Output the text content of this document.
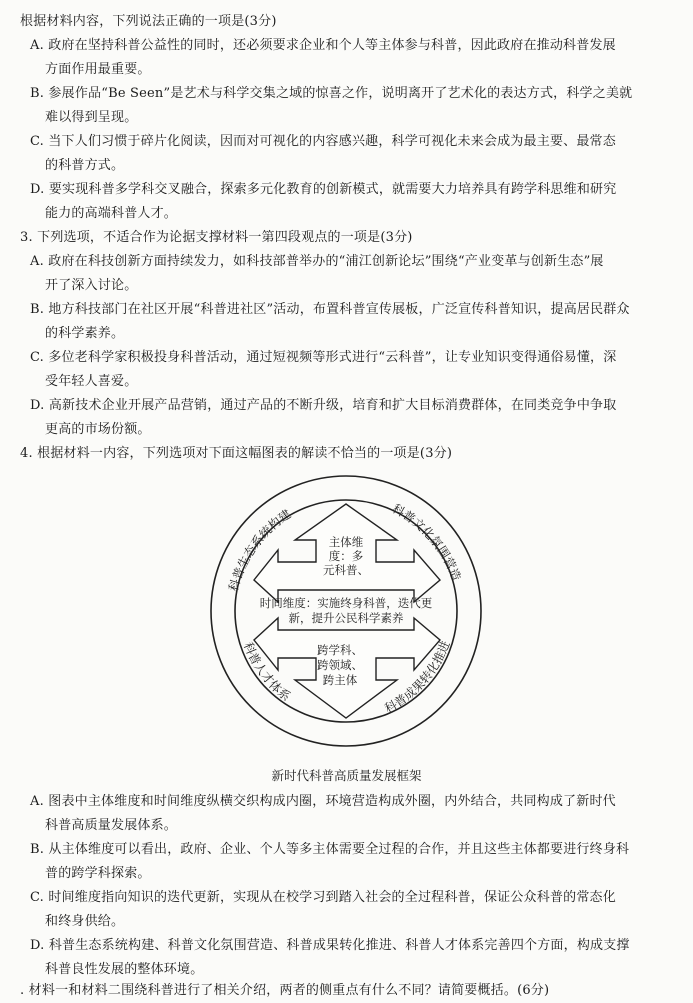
根据材料内容，下列说法正确的一项是(3分)
A. 政府在坚持科普公益性的同时，还必须要求企业和个人等主体参与科普，因此政府在推动科普发展
方面作用最重要。
B. 参展作品“Be Seen”是艺术与科学交集之域的惊喜之作，说明离开了艺术化的表达方式，科学之美就
难以得到呈现。
C. 当下人们习惯于碎片化阅读，因而对可视化的内容感兴趣，科学可视化未来会成为最主要、最常态
的科普方式。
D. 要实现科普多学科交叉融合，探索多元化教育的创新模式，就需要大力培养具有跨学科思维和研究
能力的高端科普人才。
3. 下列选项，不适合作为论据支撑材料一第四段观点的一项是(3分)
A. 政府在科技创新方面持续发力，如科技部普举办的“浦江创新论坛”围绕“产业变革与创新生态”展
开了深入讨论。
B. 地方科技部门在社区开展“科普进社区”活动，布置科普宣传展板，广泛宣传科普知识，提高居民群众
的科学素养。
C. 多位老科学家积极投身科普活动，通过短视频等形式进行“云科普”，让专业知识变得通俗易懂，深
受年轻人喜爱。
D. 高新技术企业开展产品营销，通过产品的不断升级，培育和扩大目标消费群体，在同类竞争中争取
更高的市场份额。
4. 根据材料一内容，下列选项对下面这幅图表的解读不恰当的一项是(3分)
科普生态系统构建	科普文化氛围营造
科普人才体系
科普成果转化推进
主体维
度：多
元科普、
时间维度：实施终身科普，迭代更
新，提升公民科学素养
跨学科、
跨领域、
跨主体
新时代科普高质量发展框架
A. 图表中主体维度和时间维度纵横交织构成内圈，环境营造构成外圈，内外结合，共同构成了新时代
科普高质量发展体系。
B. 从主体维度可以看出，政府、企业、个人等多主体需要全过程的合作，并且这些主体都要进行终身科
普的跨学科探索。
C. 时间维度指向知识的迭代更新，实现从在校学习到踏入社会的全过程科普，保证公众科普的常态化
和终身供给。
D. 科普生态系统构建、科普文化氛围营造、科普成果转化推进、科普人才体系完善四个方面，构成支撑
科普良性发展的整体环境。
. 材料一和材料二围绕科普进行了相关介绍，两者的侧重点有什么不同？请简要概括。(6分)
